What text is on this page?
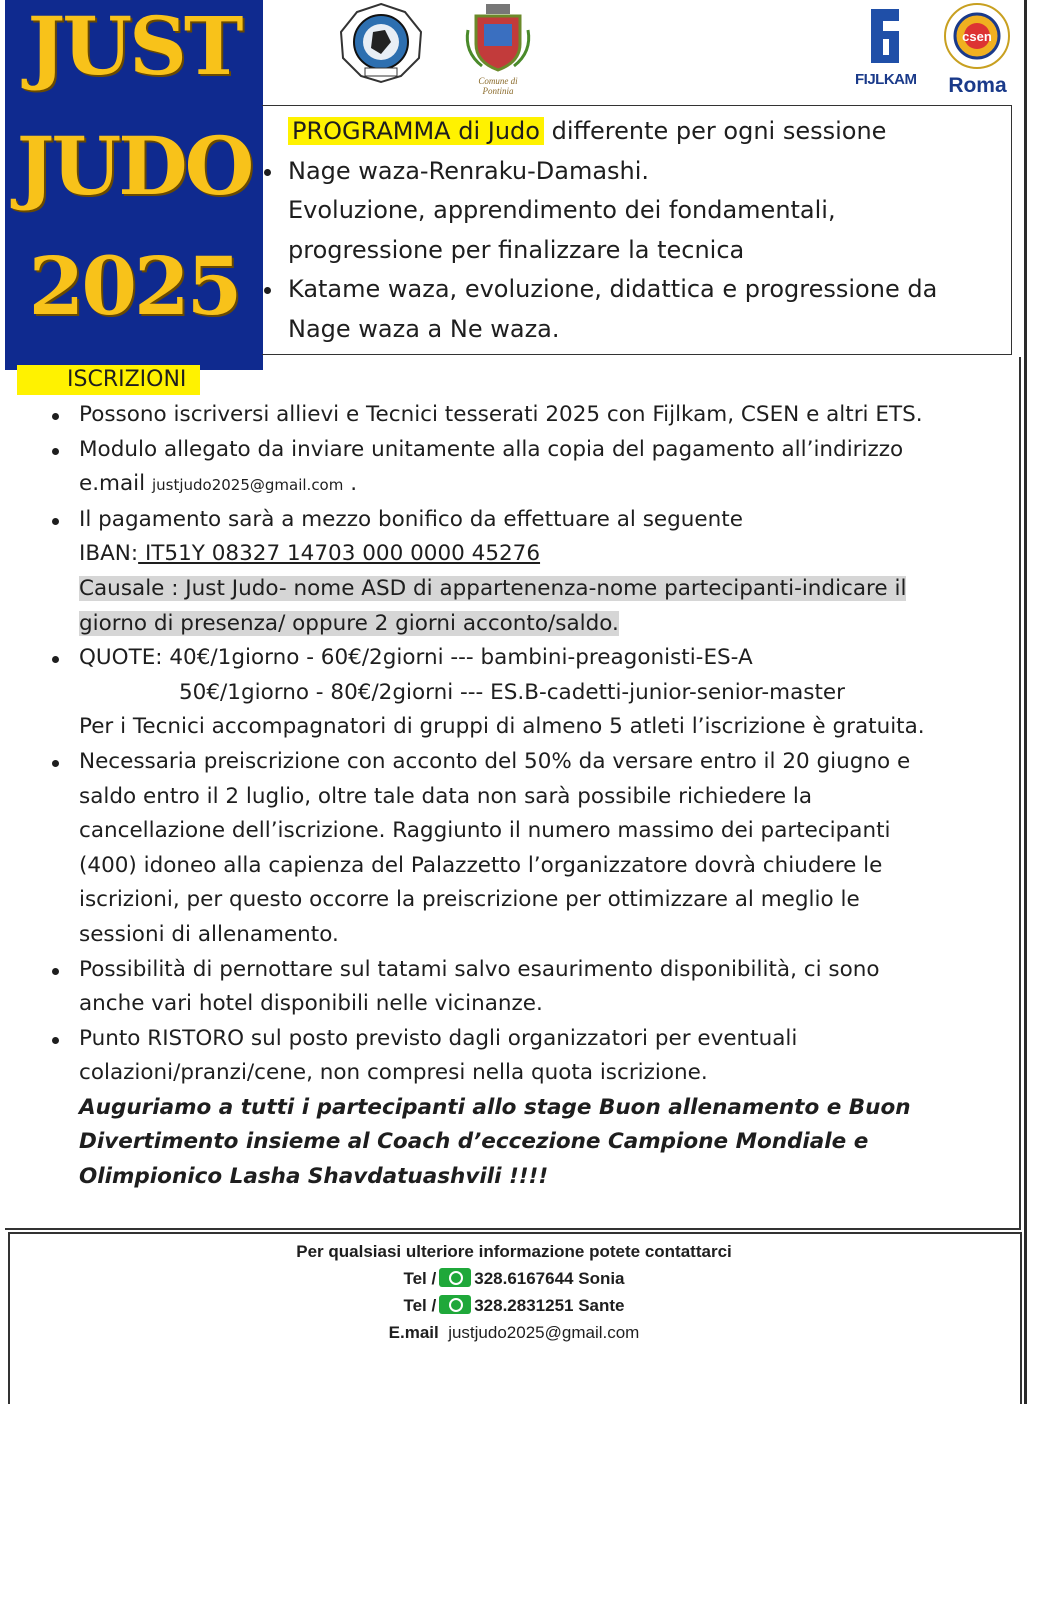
JUST
JUDO
2025
Comune di Pontinia
FIJLKAM
csen
Roma
PROGRAMMA di Judo differente per ogni sessione
Nage waza-Renraku-Damashi.
Evoluzione, apprendimento dei fondamentali,
progressione per finalizzare la tecnica
Katame waza, evoluzione, didattica e progressione da
Nage waza a Ne waza.
ISCRIZIONI
Possono iscriversi allievi e Tecnici tesserati 2025 con Fijlkam, CSEN e altri ETS.
Modulo allegato da inviare unitamente alla copia del pagamento all’indirizzo
e.mail justjudo2025@gmail.com .
Il pagamento sarà a mezzo bonifico da effettuare al seguente
IBAN: IT51Y 08327 14703 000 0000 45276
Causale : Just Judo- nome ASD di appartenenza-nome partecipanti-indicare il
giorno di presenza/ oppure 2 giorni acconto/saldo.
QUOTE: 40€/1giorno - 60€/2giorni --- bambini-preagonisti-ES-A
50€/1giorno - 80€/2giorni --- ES.B-cadetti-junior-senior-master
Per i Tecnici accompagnatori di gruppi di almeno 5 atleti l’iscrizione è gratuita.
Necessaria preiscrizione con acconto del 50% da versare entro il 20 giugno e
saldo entro il 2 luglio, oltre tale data non sarà possibile richiedere la
cancellazione dell’iscrizione. Raggiunto il numero massimo dei partecipanti
(400) idoneo alla capienza del Palazzetto l’organizzatore dovrà chiudere le
iscrizioni, per questo occorre la preiscrizione per ottimizzare al meglio le
sessioni di allenamento.
Possibilità di pernottare sul tatami salvo esaurimento disponibilità, ci sono
anche vari hotel disponibili nelle vicinanze.
Punto RISTORO sul posto previsto dagli organizzatori per eventuali
colazioni/pranzi/cene, non compresi nella quota iscrizione.
Auguriamo a tutti i partecipanti allo stage Buon allenamento e Buon
Divertimento insieme al Coach d’eccezione Campione Mondiale e
Olimpionico Lasha Shavdatuashvili !!!!
Per qualsiasi ulteriore informazione potete contattarci
Tel / 328.6167644 Sonia
Tel / 328.2831251 Sante
E.mail justjudo2025@gmail.com
